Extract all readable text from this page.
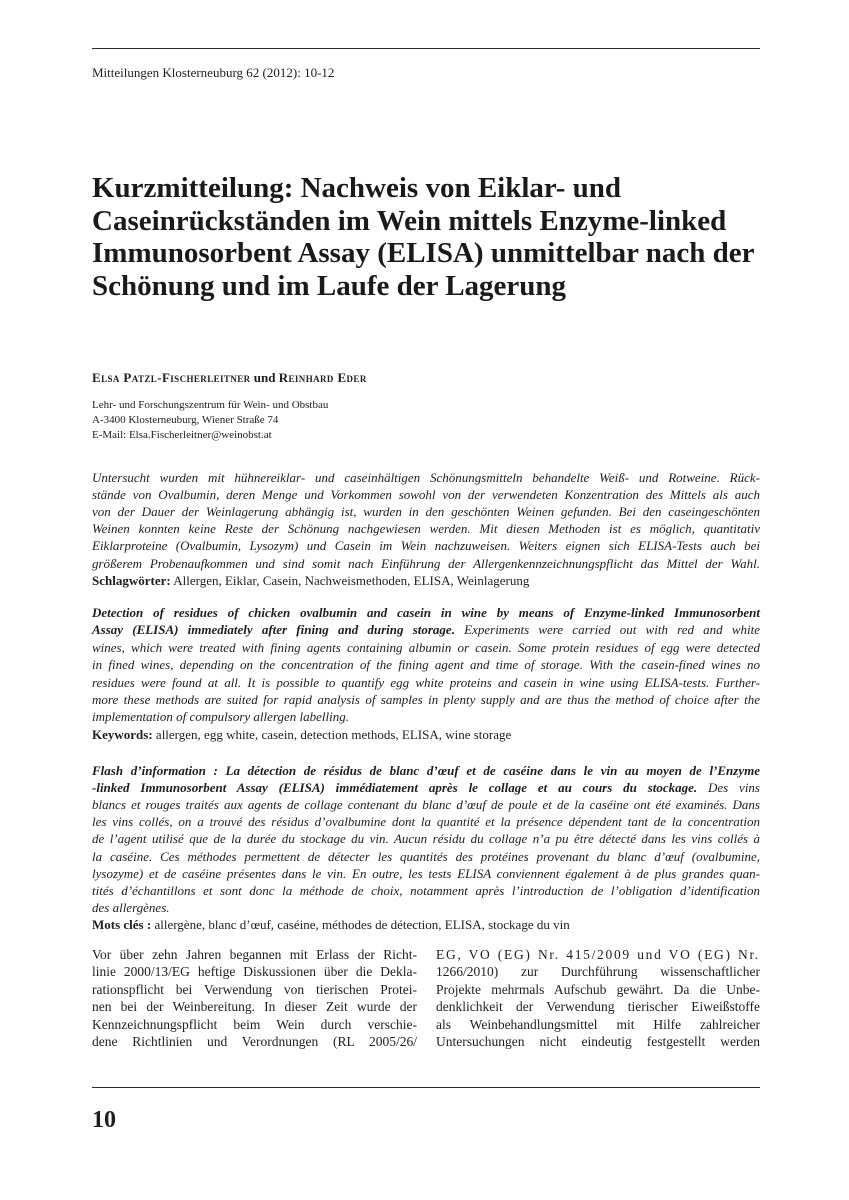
Mitteilungen Klosterneuburg 62 (2012): 10-12
Kurzmitteilung: Nachweis von Eiklar- und
Caseinrückständen im Wein mittels Enzyme-linked
Immunosorbent Assay (ELISA) unmittelbar nach der
Schönung und im Laufe der Lagerung
Elsa Patzl-Fischerleitner und Reinhard Eder
Lehr- und Forschungszentrum für Wein- und Obstbau
A-3400 Klosterneuburg, Wiener Straße 74
E-Mail: Elsa.Fischerleitner@weinobst.at
Untersucht wurden mit hühnereiklar- und caseinhältigen Schönungsmitteln behandelte Weiß- und Rotweine. Rück-
stände von Ovalbumin, deren Menge und Vorkommen sowohl von der verwendeten Konzentration des Mittels als auch
von der Dauer der Weinlagerung abhängig ist, wurden in den geschönten Weinen gefunden. Bei den caseingeschönten
Weinen konnten keine Reste der Schönung nachgewiesen werden. Mit diesen Methoden ist es möglich, quantitativ
Eiklarproteine (Ovalbumin, Lysozym) und Casein im Wein nachzuweisen. Weiters eignen sich ELISA-Tests auch bei
größerem Probenaufkommen und sind somit nach Einführung der Allergenkennzeichnungspflicht das Mittel der Wahl.
Schlagwörter: Allergen, Eiklar, Casein, Nachweismethoden, ELISA, Weinlagerung
Detection of residues of chicken ovalbumin and casein in wine by means of Enzyme-linked Immunosorbent
Assay (ELISA) immediately after fining and during storage. Experiments were carried out with red and white
wines, which were treated with fining agents containing albumin or casein. Some protein residues of egg were detected
in fined wines, depending on the concentration of the fining agent and time of storage. With the casein-fined wines no
residues were found at all. It is possible to quantify egg white proteins and casein in wine using ELISA-tests. Further-
more these methods are suited for rapid analysis of samples in plenty supply and are thus the method of choice after the
implementation of compulsory allergen labelling.
Keywords: allergen, egg white, casein, detection methods, ELISA, wine storage
Flash d’information : La détection de résidus de blanc d’œuf et de caséine dans le vin au moyen de l’Enzyme
-linked Immunosorbent Assay (ELISA) immédiatement après le collage et au cours du stockage. Des vins
blancs et rouges traités aux agents de collage contenant du blanc d’œuf de poule et de la caséine ont été examinés. Dans
les vins collés, on a trouvé des résidus d’ovalbumine dont la quantité et la présence dépendent tant de la concentration
de l’agent utilisé que de la durée du stockage du vin. Aucun résidu du collage n’a pu être détecté dans les vins collés à
la caséine. Ces méthodes permettent de détecter les quantités des protéines provenant du blanc d’œuf (ovalbumine,
lysozyme) et de caséine présentes dans le vin. En outre, les tests ELISA conviennent également à de plus grandes quan-
tités d’échantillons et sont donc la méthode de choix, notamment après l’introduction de l’obligation d’identification
des allergènes.
Mots clés : allergène, blanc d’œuf, caséine, méthodes de détection, ELISA, stockage du vin
Vor über zehn Jahren begannen mit Erlass der Richt-
linie 2000/13/EG heftige Diskussionen über die Dekla-
rationspflicht bei Verwendung von tierischen Protei-
nen bei der Weinbereitung. In dieser Zeit wurde der
Kennzeichnungspflicht beim Wein durch verschie-
dene Richtlinien und Verordnungen (RL 2005/26/
EG, VO (EG) Nr. 415/2009 und VO (EG) Nr.
1266/2010) zur Durchführung wissenschaftlicher
Projekte mehrmals Aufschub gewährt. Da die Unbe-
denklichkeit der Verwendung tierischer Eiweißstoffe
als Weinbehandlungsmittel mit Hilfe zahlreicher
Untersuchungen nicht eindeutig festgestellt werden
10
